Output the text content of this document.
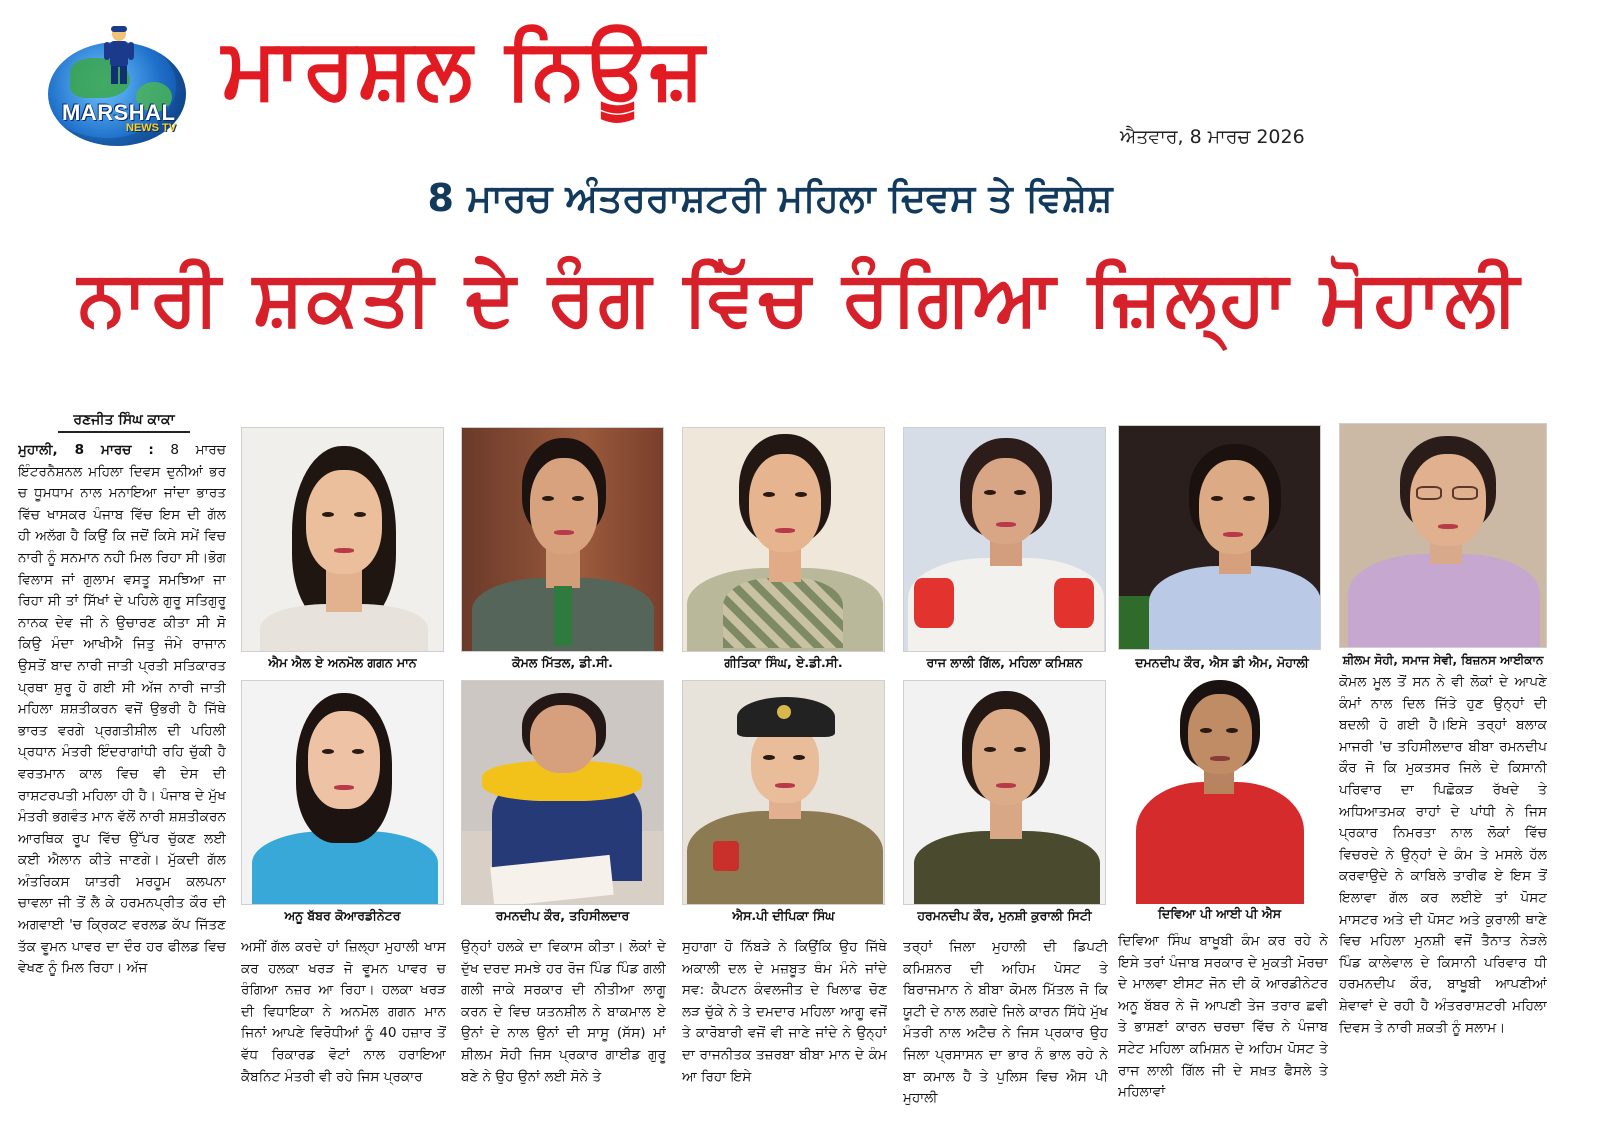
MARSHAL
NEWS TV
ਮਾਰਸ਼ਲ ਨਿਊਜ਼
ਐਤਵਾਰ, 8 ਮਾਰਚ 2026
8 ਮਾਰਚ ਅੰਤਰਰਾਸ਼ਟਰੀ ਮਹਿਲਾ ਦਿਵਸ ਤੇ ਵਿਸ਼ੇਸ਼
ਨਾਰੀ ਸ਼ਕਤੀ ਦੇ ਰੰਗ ਵਿੱਚ ਰੰਗਿਆ ਜ਼ਿਲ੍ਹਾ ਮੋਹਾਲੀ
ਰਣਜੀਤ ਸਿੰਘ ਕਾਕਾ
ਮੁਹਾਲੀ, 8 ਮਾਰਚ : 8 ਮਾਰਚ ਇੰਟਰਨੈਸ਼ਨਲ ਮਹਿਲਾ ਦਿਵਸ ਦੁਨੀਆਂ ਭਰ ਚ ਧੂਮਧਾਮ ਨਾਲ ਮਨਾਇਆ ਜਾਂਦਾ ਭਾਰਤ ਵਿੱਚ ਖਾਸਕਰ ਪੰਜਾਬ ਵਿੱਚ ਇਸ ਦੀ ਗੱਲ ਹੀ ਅਲੱਗ ਹੈ ਕਿਉਂ ਕਿ ਜਦੋਂ ਕਿਸੇ ਸਮੇਂ ਵਿਚ ਨਾਰੀ ਨੂੰ ਸਨਮਾਨ ਨਹੀ ਮਿਲ ਰਿਹਾ ਸੀ।ਭੋਗ ਵਿਲਾਸ ਜਾਂ ਗੁਲਾਮ ਵਸਤੂ ਸਮਝਿਆ ਜਾ ਰਿਹਾ ਸੀ ਤਾਂ ਸਿੱਖਾਂ ਦੇ ਪਹਿਲੇ ਗੁਰੂ ਸਤਿਗੁਰੂ ਨਾਨਕ ਦੇਵ ਜੀ ਨੇ ਉਚਾਰਣ ਕੀਤਾ ਸੀ ਸੋ ਕਿਉ ਮੰਦਾ ਆਖੀਐ ਜਿਤੁ ਜੰਮੇ ਰਾਜਾਨ ਉਸਤੋਂ ਬਾਦ ਨਾਰੀ ਜਾਤੀ ਪ੍ਰਤੀ ਸਤਿਕਾਰਤ ਪ੍ਰਥਾ ਸ਼ੁਰੂ ਹੋ ਗਈ ਸੀ ਅੱਜ ਨਾਰੀ ਜਾਤੀ ਮਹਿਲਾ ਸ਼ਸ਼ਤੀਕਰਨ ਵਜੋਂ ਉਭਰੀ ਹੈ ਜਿੱਥੇ ਭਾਰਤ ਵਰਗੇ ਪ੍ਰਗਤੀਸ਼ੀਲ ਦੀ ਪਹਿਲੀ ਪ੍ਰਧਾਨ ਮੰਤਰੀ ਇੰਦਰਾਗਾਂਧੀ ਰਹਿ ਚੁੱਕੀ ਹੈ ਵਰਤਮਾਨ ਕਾਲ ਵਿਚ ਵੀ ਦੇਸ ਦੀ ਰਾਸ਼ਟਰਪਤੀ ਮਹਿਲਾ ਹੀ ਹੈ। ਪੰਜਾਬ ਦੇ ਮੁੱਖ ਮੰਤਰੀ ਭਗਵੰਤ ਮਾਨ ਵੱਲੋਂ ਨਾਰੀ ਸ਼ਸ਼ਤੀਕਰਨ ਆਰਥਿਕ ਰੂਪ ਵਿੱਚ ਉੱਪਰ ਚੁੱਕਣ ਲਈ ਕਈ ਐਲਾਨ ਕੀਤੇ ਜਾਣਗੇ। ਮੁੱਕਦੀ ਗੱਲ ਅੰਤਰਿਕਸ ਯਾਤਰੀ ਮਰਹੂਮ ਕਲਪਨਾ ਚਾਵਲਾ ਜੀ ਤੋਂ ਲੈ ਕੇ ਹਰਮਨਪ੍ਰੀਤ ਕੌਰ ਦੀ ਅਗਵਾਈ 'ਚ ਕ੍ਰਿਕਟ ਵਰਲਡ ਕੱਪ ਜਿੱਤਣ ਤੱਕ ਵੂਮਨ ਪਾਵਰ ਦਾ ਦੌਰ ਹਰ ਫੀਲਡ ਵਿਚ ਵੇਖਣ ਨੂੰ ਮਿਲ ਰਿਹਾ। ਅੱਜ
ਐਮ ਐਲ ਏ ਅਨਮੋਲ ਗਗਨ ਮਾਨ	ਕੋਮਲ ਮਿੱਤਲ, ਡੀ.ਸੀ.	ਗੀਤਿਕਾ ਸਿੰਘ, ਏ.ਡੀ.ਸੀ.	ਰਾਜ ਲਾਲੀ ਗਿੱਲ, ਮਹਿਲਾ ਕਮਿਸ਼ਨ	ਦਮਨਦੀਪ ਕੌਰ, ਐਸ ਡੀ ਐਮ, ਮੋਹਾਲੀ	ਸ਼ੀਲਮ ਸੋਹੀ, ਸਮਾਜ ਸੇਵੀ, ਬਿਜ਼ਨਸ ਆਈਕਾਨ
ਕੋਮਲ ਮੂਲ ਤੋਂ ਸਨ ਨੇ ਵੀ ਲੋਕਾਂ ਦੇ ਆਪਣੇ ਕੰਮਾਂ ਨਾਲ ਦਿਲ ਜਿੱਤੇ ਹੁਣ ਉਨ੍ਹਾਂ ਦੀ ਬਦਲੀ ਹੋ ਗਈ ਹੈ।ਇਸੇ ਤਰ੍ਹਾਂ ਬਲਾਕ ਮਾਜਰੀ 'ਚ ਤਹਿਸੀਲਦਾਰ ਬੀਬਾ ਰਮਨਦੀਪ ਕੌਰ ਜੋ ਕਿ ਮੁਕਤਸਰ ਜਿਲੇ ਦੇ ਕਿਸਾਨੀ ਪਰਿਵਾਰ ਦਾ ਪਿਛੋਕੜ ਰੱਖਦੇ ਤੇ ਅਧਿਆਤਮਕ ਰਾਹਾਂ ਦੇ ਪਾਂਧੀ ਨੇ ਜਿਸ ਪ੍ਰਕਾਰ ਨਿਮਰਤਾ ਨਾਲ ਲੋਕਾਂ ਵਿੱਚ ਵਿਚਰਦੇ ਨੇ ਉਨ੍ਹਾਂ ਦੇ ਕੰਮ ਤੇ ਮਸਲੇ ਹੱਲ ਕਰਵਾਉਦੇ ਨੇ ਕਾਬਿਲੇ ਤਾਰੀਫ ਏ ਇਸ ਤੋਂ ਇਲਾਵਾ ਗੱਲ ਕਰ ਲਈਏ ਤਾਂ ਪੋਸਟ ਮਾਸਟਰ ਅਤੇ ਦੀ ਪੋਸਟ ਅਤੇ ਕੁਰਾਲੀ ਥਾਣੇ ਵਿਚ ਮਹਿਲਾ ਮੁਨਸ਼ੀ ਵਜੋਂ ਤੈਨਾਤ ਨੇੜਲੇ ਪਿੰਡ ਕਾਲੇਵਾਲ ਦੇ ਕਿਸਾਨੀ ਪਰਿਵਾਰ ਧੀ ਹਰਮਨਦੀਪ ਕੌਰ, ਬਾਖੂਬੀ ਆਪਣੀਆਂ ਸ਼ੇਵਾਵਾਂ ਦੇ ਰਹੀ ਹੈ ਅੰਤਰਰਾਸ਼ਟਰੀ ਮਹਿਲਾ ਦਿਵਸ ਤੇ ਨਾਰੀ ਸ਼ਕਤੀ ਨੂੰ ਸਲਾਮ।
ਅਨੂ ਬੱਬਰ ਕੋਆਰਡੀਨੇਟਰ	ਰਮਨਦੀਪ ਕੌਰ, ਤਹਿਸੀਲਦਾਰ	ਐਸ.ਪੀ ਦੀਪਿਕਾ ਸਿੰਘ	ਹਰਮਨਦੀਪ ਕੌਰ, ਮੁਨਸ਼ੀ ਕੁਰਾਲੀ ਸਿਟੀ	ਦਿਵਿਆ ਪੀ ਆਈ ਪੀ ਐਸ
ਅਸੀਂ ਗੱਲ ਕਰਦੇ ਹਾਂ ਜ਼ਿਲ੍ਹਾ ਮੁਹਾਲੀ ਖਾਸ ਕਰ ਹਲਕਾ ਖਰੜ ਜੋ ਵੂਮਨ ਪਾਵਰ ਚ ਰੰਗਿਆ ਨਜ਼ਰ ਆ ਰਿਹਾ। ਹਲਕਾ ਖਰੜ ਦੀ ਵਿਧਾਇਕਾ ਨੇ ਅਨਮੋਲ ਗਗਨ ਮਾਨ ਜਿਨਾਂ ਆਪਣੇ ਵਿਰੋਧੀਆਂ ਨੂੰ 40 ਹਜ਼ਾਰ ਤੋਂ ਵੱਧ ਰਿਕਾਰਡ ਵੋਟਾਂ ਨਾਲ ਹਰਾਇਆ ਕੈਬਨਿਟ ਮੰਤਰੀ ਵੀ ਰਹੇ ਜਿਸ ਪ੍ਰਕਾਰ
ਉਨ੍ਹਾਂ ਹਲਕੇ ਦਾ ਵਿਕਾਸ ਕੀਤਾ। ਲੋਕਾਂ ਦੇ ਦੁੱਖ ਦਰਦ ਸਮਝੇ ਹਰ ਰੋਜ ਪਿੰਡ ਪਿੰਡ ਗਲੀ ਗਲੀ ਜਾਕੇ ਸਰਕਾਰ ਦੀ ਨੀਤੀਆ ਲਾਗੂ ਕਰਨ ਦੇ ਵਿਚ ਯਤਨਸ਼ੀਲ ਨੇ ਬਾਕਮਾਲ ਏ ਉਨਾਂ ਦੇ ਨਾਲ ਉਨਾਂ ਦੀ ਸਾਸੂ (ਸੱਸ) ਮਾਂ ਸ਼ੀਲਮ ਸੋਹੀ ਜਿਸ ਪ੍ਰਕਾਰ ਗਾਈਡ ਗੁਰੂ ਬਣੇ ਨੇ ਉਹ ਉਨਾਂ ਲਈ ਸੋਨੇ ਤੇ
ਸੁਹਾਗਾ ਹੋ ਨਿੱਬੜੇ ਨੇ ਕਿਉਂਕਿ ਉਹ ਜਿੱਥੇ ਅਕਾਲੀ ਦਲ ਦੇ ਮਜ਼ਬੂਤ ਥੰਮ ਮੰਨੇ ਜਾਂਦੇ ਸਵ: ਕੈਪਟਨ ਕੰਵਲਜੀਤ ਦੇ ਖਿਲਾਫ ਚੋਣ ਲੜ ਚੁੱਕੇ ਨੇ ਤੇ ਦਮਦਾਰ ਮਹਿਲਾ ਆਗੂ ਵਜੋਂ ਤੇ ਕਾਰੋਬਾਰੀ ਵਜੋਂ ਵੀ ਜਾਣੇ ਜਾਂਦੇ ਨੇ ਉਨ੍ਹਾਂ ਦਾ ਰਾਜਨੀਤਕ ਤਜ਼ਰਬਾ ਬੀਬਾ ਮਾਨ ਦੇ ਕੰਮ ਆ ਰਿਹਾ ਇਸੇ
ਤਰ੍ਹਾਂ ਜਿਲਾ ਮੁਹਾਲੀ ਦੀ ਡਿਪਟੀ ਕਮਿਸ਼ਨਰ ਦੀ ਅਹਿਮ ਪੋਸਟ ਤੇ ਬਿਰਾਜਮਾਨ ਨੇ ਬੀਬਾ ਕੋਮਲ ਮਿੱਤਲ ਜੋ ਕਿ ਯੂਟੀ ਦੇ ਨਾਲ ਲਗਦੇ ਜਿਲੇ ਕਾਰਨ ਸਿੱਧੇ ਮੁੱਖ ਮੰਤਰੀ ਨਾਲ ਅਟੈਚ ਨੇ ਜਿਸ ਪ੍ਰਕਾਰ ਉਹ ਜਿਲਾ ਪ੍ਰਸਾਸਨ ਦਾ ਭਾਰ ਨੰ ਭਾਲ ਰਹੇ ਨੇ ਬਾ ਕਮਾਲ ਹੈ ਤੇ ਪੁਲਿਸ ਵਿਚ ਐਸ ਪੀ ਮੁਹਾਲੀ
ਦਿਵਿਆ ਸਿੰਘ ਬਾਖੂਬੀ ਕੰਮ ਕਰ ਰਹੇ ਨੇ ਇਸੇ ਤਰਾਂ ਪੰਜਾਬ ਸਰਕਾਰ ਦੇ ਮੁਕਤੀ ਮੋਰਚਾ ਦੇ ਮਾਲਵਾ ਈਸਟ ਜੋਨ ਦੀ ਕੋ ਆਰਡੀਨੇਟਰ ਅਨੂ ਬੱਬਰ ਨੇ ਜੋ ਆਪਣੀ ਤੇਜ ਤਰਾਰ ਛਵੀ ਤੇ ਭਾਸ਼ਣਾਂ ਕਾਰਨ ਚਰਚਾ ਵਿੱਚ ਨੇ ਪੰਜਾਬ ਸਟੇਟ ਮਹਿਲਾ ਕਮਿਸ਼ਨ ਦੇ ਅਹਿਮ ਪੋਸਟ ਤੇ ਰਾਜ ਲਾਲੀ ਗਿੱਲ ਜੀ ਦੇ ਸਖ਼ਤ ਫੈਸਲੇ ਤੇ ਮਹਿਲਾਵਾਂ
